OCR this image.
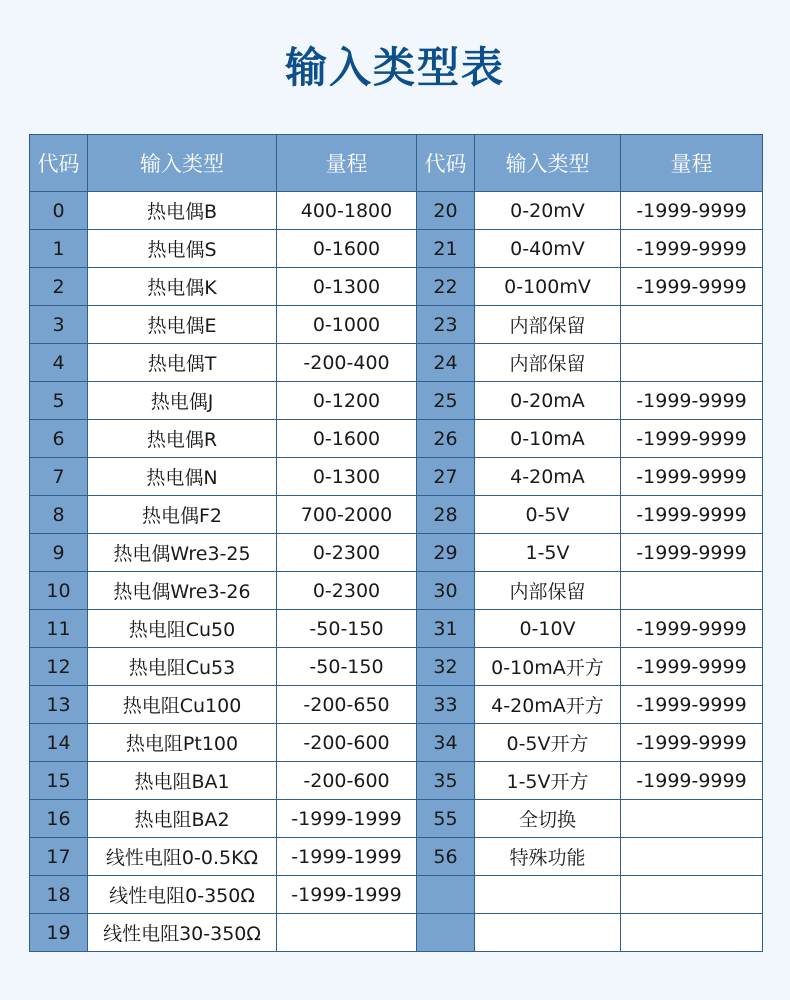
输入类型表
代码	输入类型	量程	代码	输入类型	量程
0	热电偶B	400-1800	20	0-20mV	-1999-9999
1	热电偶S	0-1600	21	0-40mV	-1999-9999
2	热电偶K	0-1300	22	0-100mV	-1999-9999
3	热电偶E	0-1000	23	内部保留	
4	热电偶T	-200-400	24	内部保留	
5	热电偶J	0-1200	25	0-20mA	-1999-9999
6	热电偶R	0-1600	26	0-10mA	-1999-9999
7	热电偶N	0-1300	27	4-20mA	-1999-9999
8	热电偶F2	700-2000	28	0-5V	-1999-9999
9	热电偶Wre3-25	0-2300	29	1-5V	-1999-9999
10	热电偶Wre3-26	0-2300	30	内部保留	
11	热电阻Cu50	-50-150	31	0-10V	-1999-9999
12	热电阻Cu53	-50-150	32	0-10mA开方	-1999-9999
13	热电阻Cu100	-200-650	33	4-20mA开方	-1999-9999
14	热电阻Pt100	-200-600	34	0-5V开方	-1999-9999
15	热电阻BA1	-200-600	35	1-5V开方	-1999-9999
16	热电阻BA2	-1999-1999	55	全切换	
17	线性电阻0-0.5KΩ	-1999-1999	56	特殊功能	
18	线性电阻0-350Ω	-1999-1999			
19	线性电阻30-350Ω				
